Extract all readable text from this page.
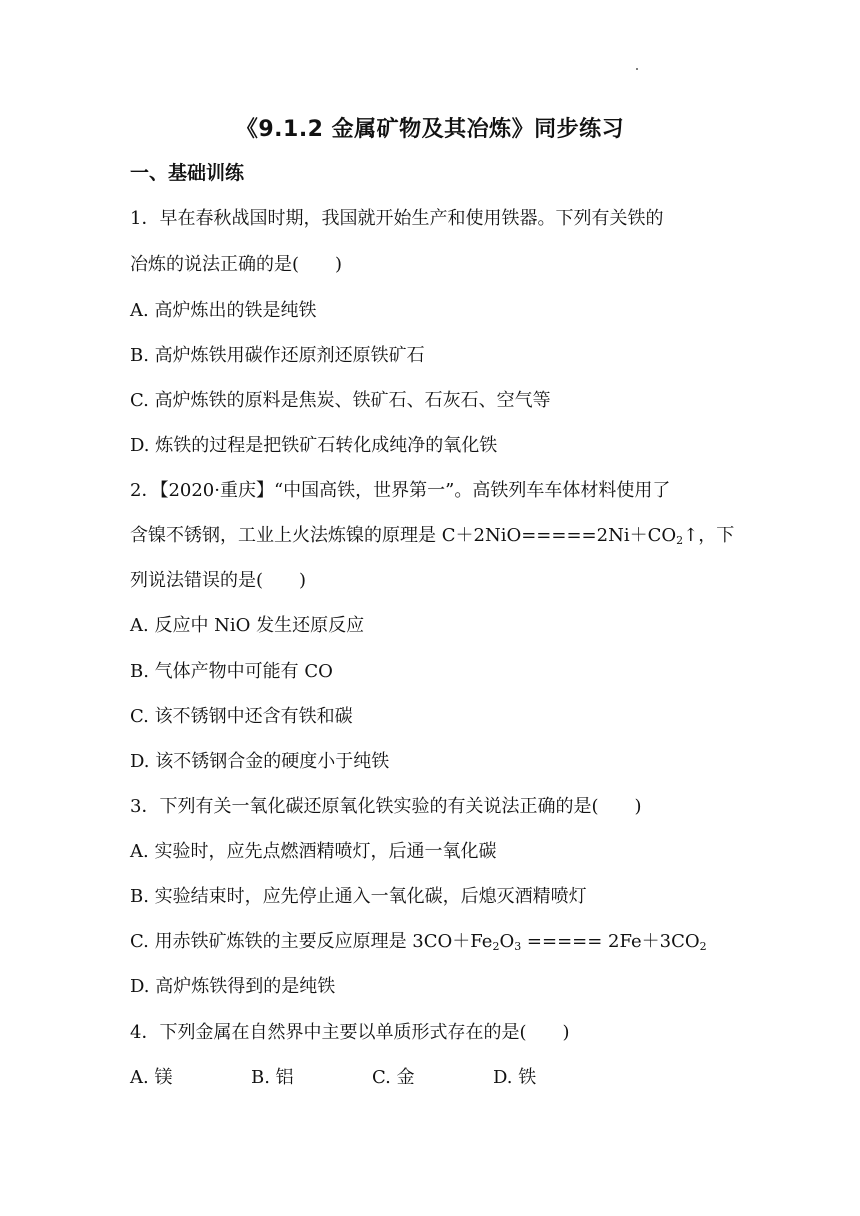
《9.1.2 金属矿物及其冶炼》同步练习
一、基础训练
1．早在春秋战国时期，我国就开始生产和使用铁器。下列有关铁的
冶炼的说法正确的是(　　)
A. 高炉炼出的铁是纯铁
B. 高炉炼铁用碳作还原剂还原铁矿石
C. 高炉炼铁的原料是焦炭、铁矿石、石灰石、空气等
D. 炼铁的过程是把铁矿石转化成纯净的氧化铁
2．【2020·重庆】“中国高铁，世界第一”。高铁列车车体材料使用了
含镍不锈钢，工业上火法炼镍的原理是 $C+2NiO=====2Ni+CO_2↑$，下
列说法错误的是(　　)
A. 反应中 NiO 发生还原反应
B. 气体产物中可能有 CO
C. 该不锈钢中还含有铁和碳
D. 该不锈钢合金的硬度小于纯铁
3．下列有关一氧化碳还原氧化铁实验的有关说法正确的是(　　)
A. 实验时，应先点燃酒精喷灯，后通一氧化碳
B. 实验结束时，应先停止通入一氧化碳，后熄灭酒精喷灯
C. 用赤铁矿炼铁的主要反应原理是 $3CO+Fe_2O_3$ ===== $2Fe+3CO_2$
D. 高炉炼铁得到的是纯铁
4．下列金属在自然界中主要以单质形式存在的是(　　)
A. 镁	B. 铝	C. 金	D. 铁
